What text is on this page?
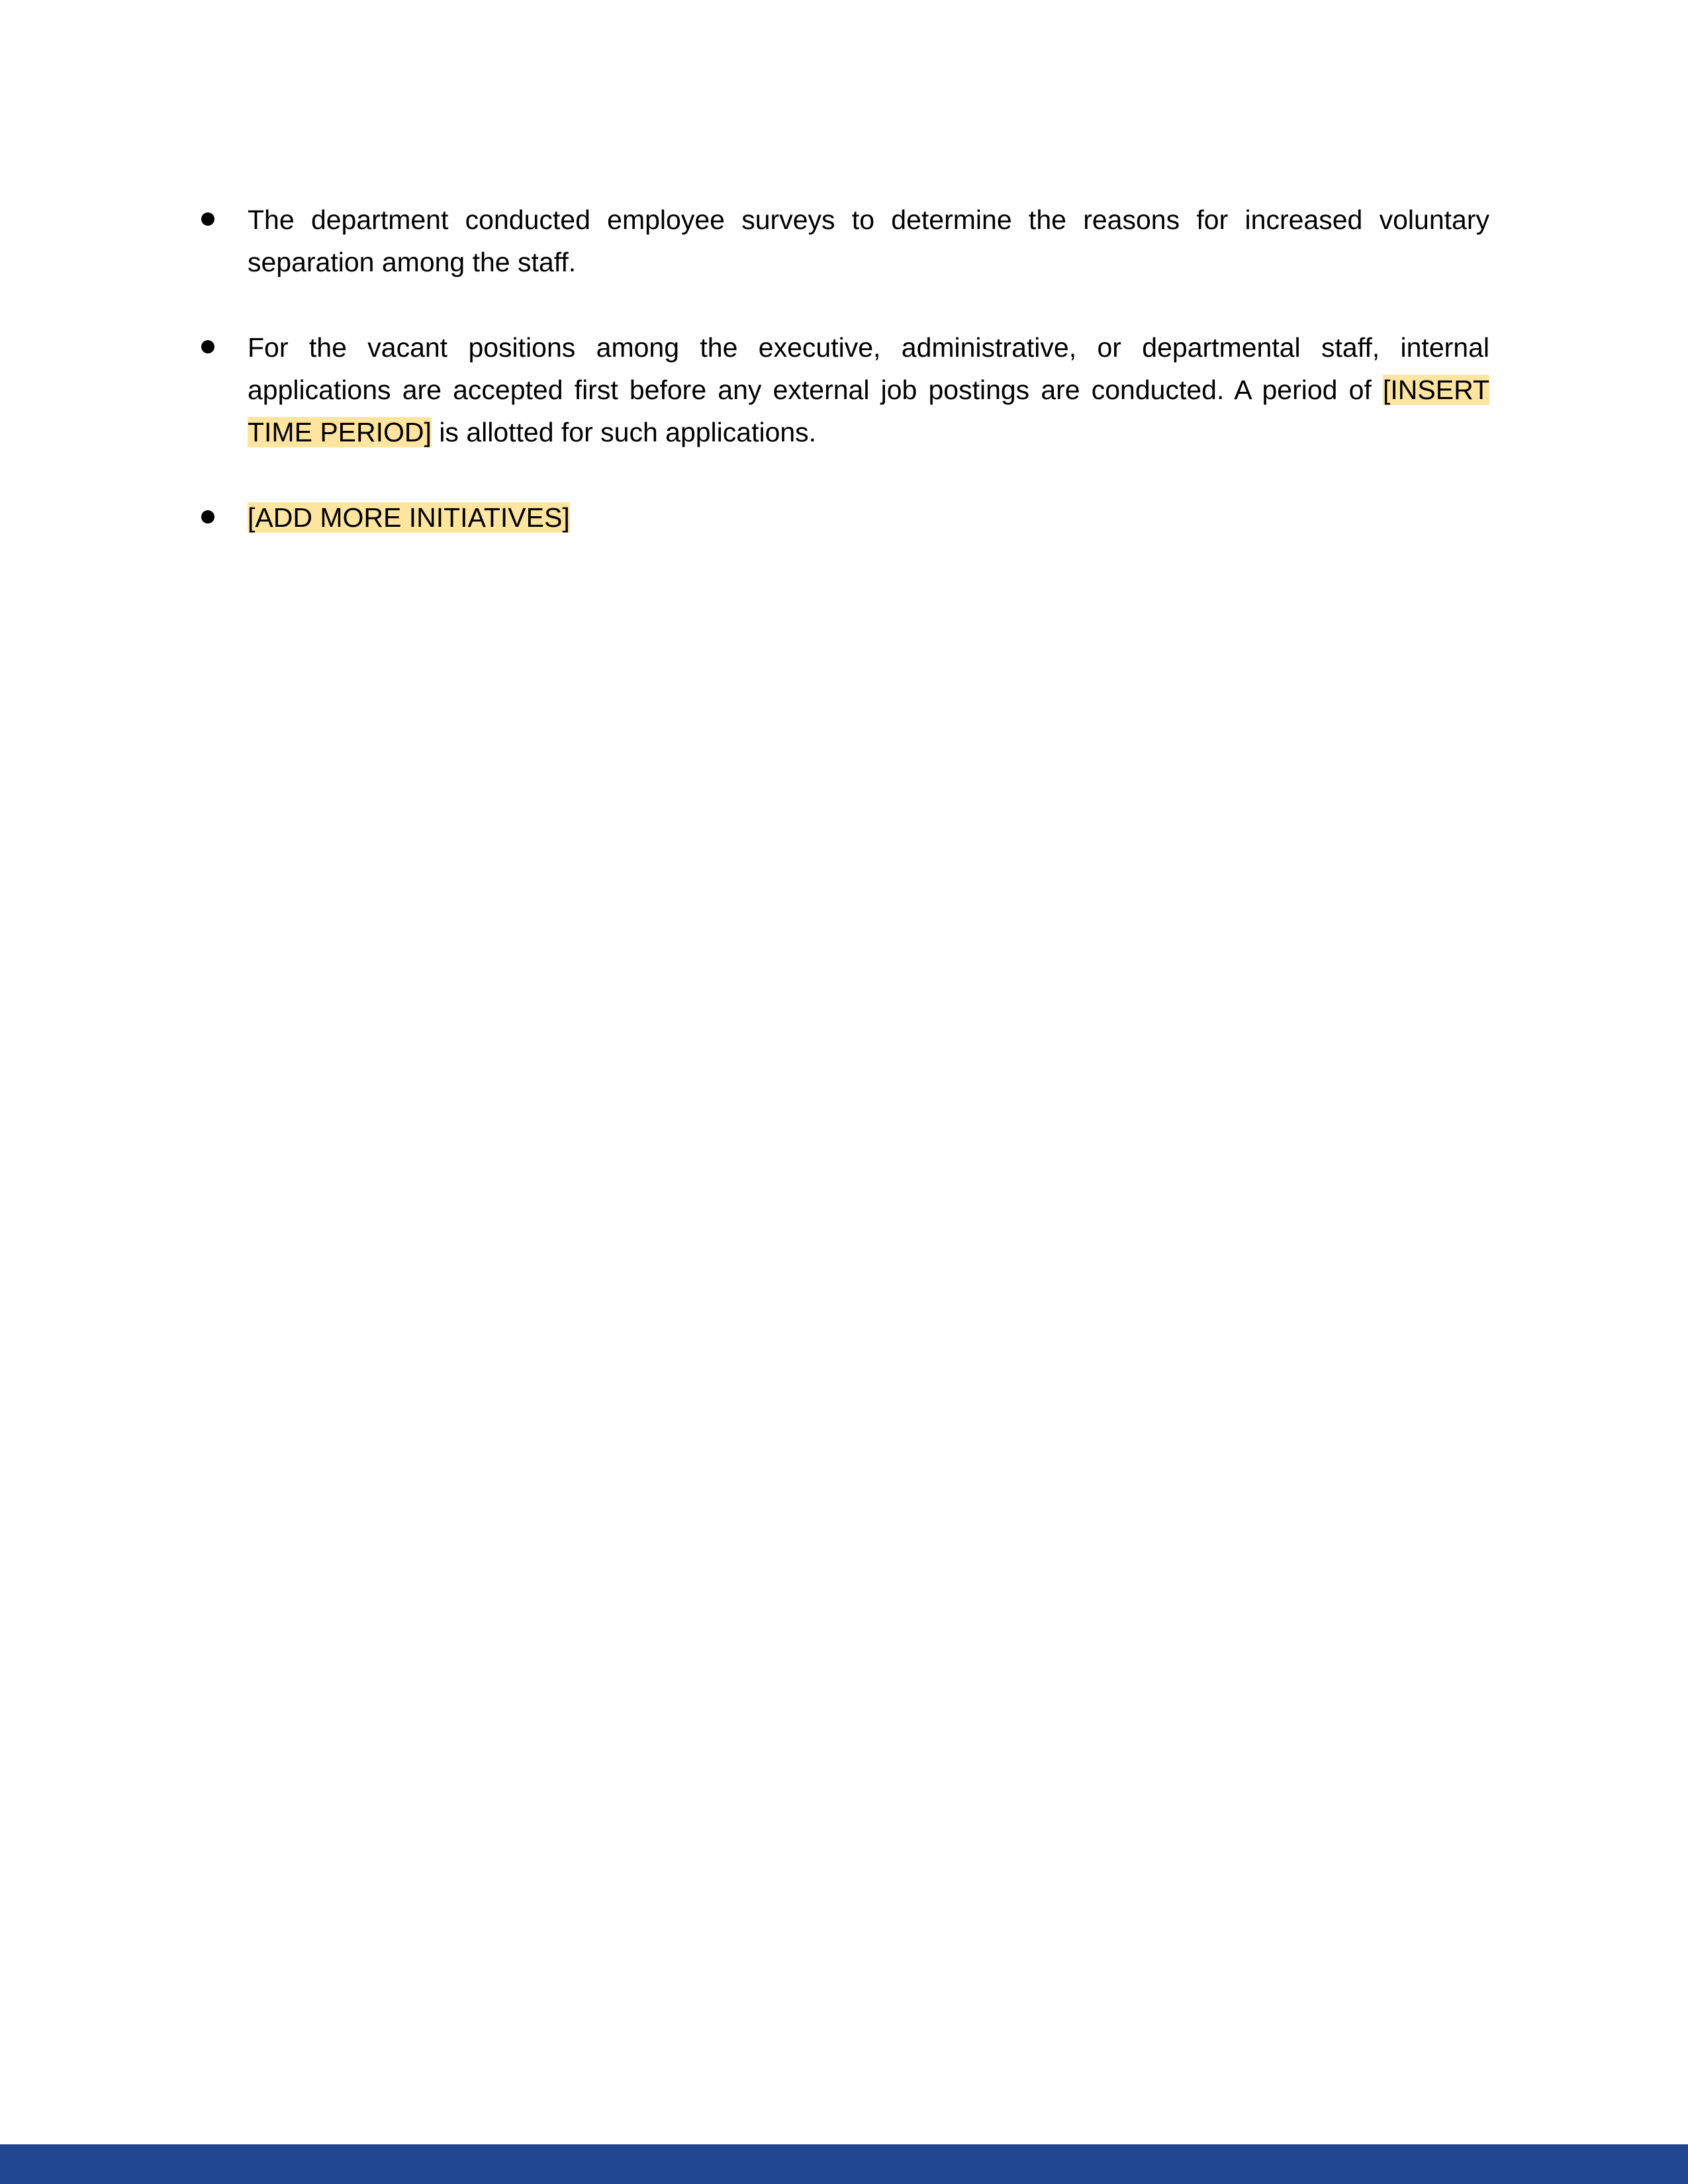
The department conducted employee surveys to determine the reasons for increased voluntary separation among the staff.
For the vacant positions among the executive, administrative, or departmental staff, internal applications are accepted first before any external job postings are conducted. A period of [INSERT TIME PERIOD] is allotted for such applications.
[ADD MORE INITIATIVES]
